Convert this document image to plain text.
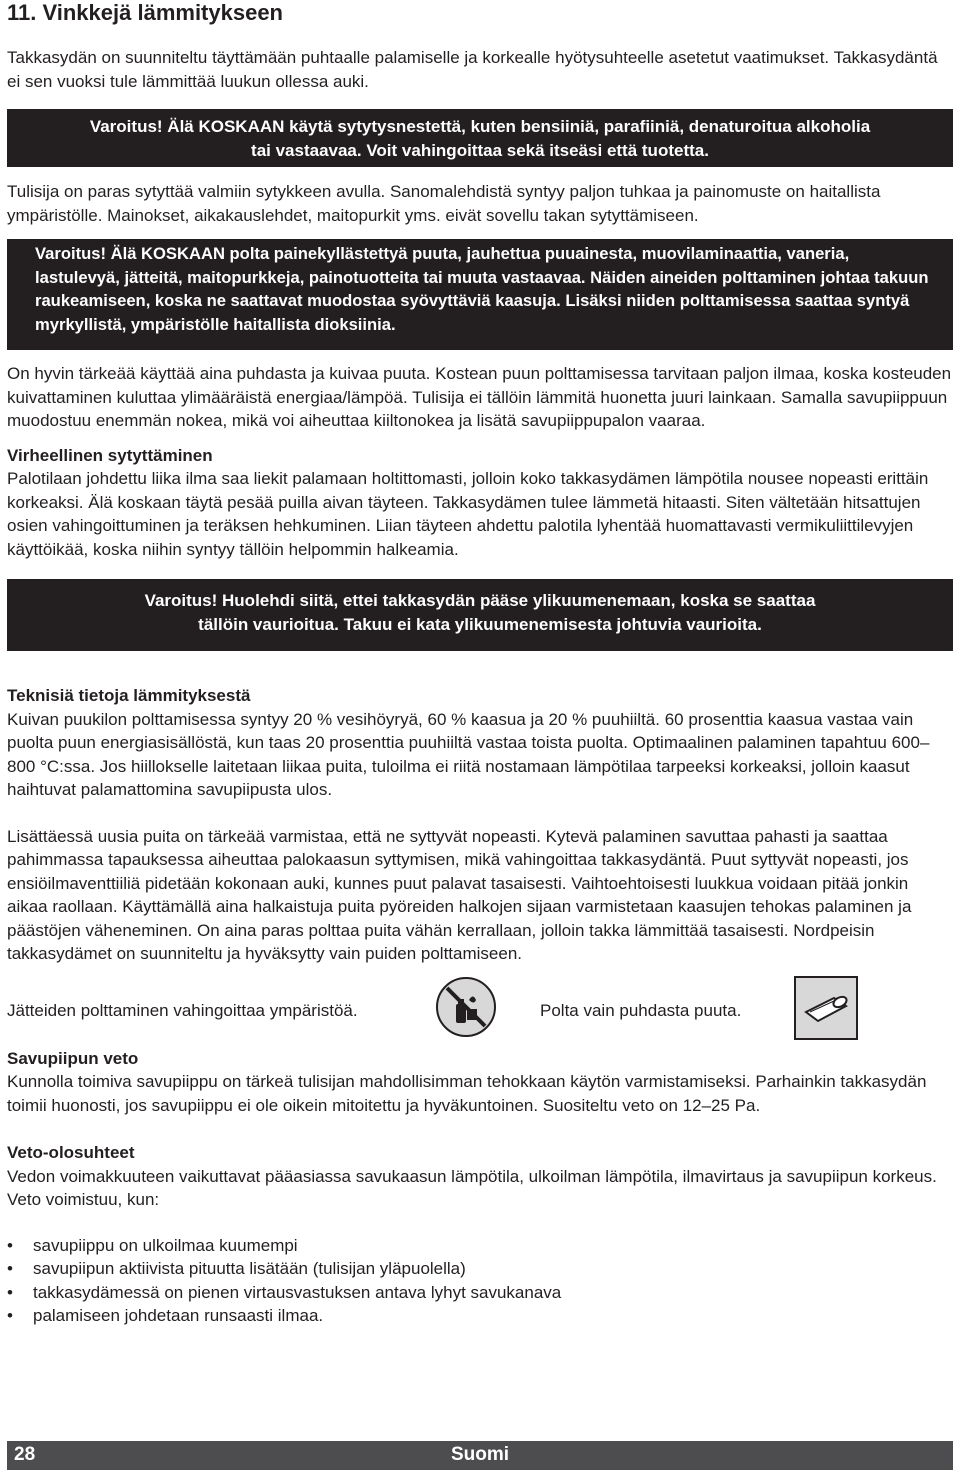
11. Vinkkejä lämmitykseen

Takkasydän on suunniteltu täyttämään puhtaalle palamiselle ja korkealle hyötysuhteelle asetetut vaatimukset. Takkasydäntä ei sen vuoksi tule lämmittää luukun ollessa auki.

Varoitus! Älä KOSKAAN käytä sytytysnestettä, kuten bensiiniä, parafiiniä, denaturoitua alkoholia
tai vastaavaa. Voit vahingoittaa sekä itseäsi että tuotetta.

Tulisija on paras sytyttää valmiin sytykkeen avulla. Sanomalehdistä syntyy paljon tuhkaa ja painomuste on haitallista ympäristölle. Mainokset, aikakauslehdet, maitopurkit yms. eivät sovellu takan sytyttämiseen.

Varoitus! Älä KOSKAAN polta painekyllästettyä puuta, jauhettua puuainesta, muovilaminaattia, vaneria, lastulevyä, jätteitä, maitopurkkeja, painotuotteita tai muuta vastaavaa. Näiden aineiden polttaminen johtaa takuun raukeamiseen, koska ne saattavat muodostaa syövyttäviä kaasuja. Lisäksi niiden polttamisessa saattaa syntyä myrkyllistä, ympäristölle haitallista dioksiinia.

On hyvin tärkeää käyttää aina puhdasta ja kuivaa puuta. Kostean puun polttamisessa tarvitaan paljon ilmaa, koska kosteuden kuivattaminen kuluttaa ylimääräistä energiaa/lämpöä. Tulisija ei tällöin lämmitä huonetta juuri lainkaan. Samalla savupiippuun muodostuu enemmän nokea, mikä voi aiheuttaa kiiltonokea ja lisätä savupiippupalon vaaraa.

Virheellinen sytyttäminen

Palotilaan johdettu liika ilma saa liekit palamaan holtittomasti, jolloin koko takkasydämen lämpötila nousee nopeasti erittäin korkeaksi. Älä koskaan täytä pesää puilla aivan täyteen. Takkasydämen tulee lämmetä hitaasti. Siten vältetään hitsattujen osien vahingoittuminen ja teräksen hehkuminen. Liian täyteen ahdettu palotila lyhentää huomattavasti vermikuliittilevyjen käyttöikää, koska niihin syntyy tällöin helpommin halkeamia.

Varoitus! Huolehdi siitä, ettei takkasydän pääse ylikuumenemaan, koska se saattaa
tällöin vaurioitua. Takuu ei kata ylikuumenemisesta johtuvia vaurioita.
Teknisiä tietoja lämmityksestä

Kuivan puukilon polttamisessa syntyy 20 % vesihöyryä, 60 % kaasua ja 20 % puuhiiltä. 60 prosenttia kaasua vastaa vain puolta puun energiasisällöstä, kun taas 20 prosenttia puuhiiltä vastaa toista puolta. Optimaalinen palaminen tapahtuu 600–800 °C:ssa. Jos hiillokselle laitetaan liikaa puita, tuloilma ei riitä nostamaan lämpötilaa tarpeeksi korkeaksi, jolloin kaasut haihtuvat palamattomina savupiipusta ulos.

Lisättäessä uusia puita on tärkeää varmistaa, että ne syttyvät nopeasti. Kytevä palaminen savuttaa pahasti ja saattaa pahimmassa tapauksessa aiheuttaa palokaasun syttymisen, mikä vahingoittaa takkasydäntä. Puut syttyvät nopeasti, jos ensiöilmaventtiiliä pidetään kokonaan auki, kunnes puut palavat tasaisesti. Vaihtoehtoisesti luukkua voidaan pitää jonkin aikaa raollaan. Käyttämällä aina halkaistuja puita pyöreiden halkojen sijaan varmistetaan kaasujen tehokas palaminen ja päästöjen väheneminen. On aina paras polttaa puita vähän kerrallaan, jolloin takka lämmittää tasaisesti. Nordpeisin takkasydämet on suunniteltu ja hyväksytty vain puiden polttamiseen.

Jätteiden polttaminen vahingoittaa ympäristöä.	Polta vain puhdasta puuta.
Savupiipun veto

Kunnolla toimiva savupiippu on tärkeä tulisijan mahdollisimman tehokkaan käytön varmistamiseksi. Parhainkin takkasydän toimii huonosti, jos savupiippu ei ole oikein mitoitettu ja hyväkuntoinen. Suositeltu veto on 12–25 Pa.

Veto-olosuhteet

Vedon voimakkuuteen vaikuttavat pääasiassa savukaasun lämpötila, ulkoilman lämpötila, ilmavirtaus ja savupiipun korkeus. Veto voimistuu, kun:

• savupiippu on ulkoilmaa kuumempi
• savupiipun aktiivista pituutta lisätään (tulisijan yläpuolella)
• takkasydämessä on pienen virtausvastuksen antava lyhyt savukanava
• palamiseen johdetaan runsaasti ilmaa.
28	Suomi
